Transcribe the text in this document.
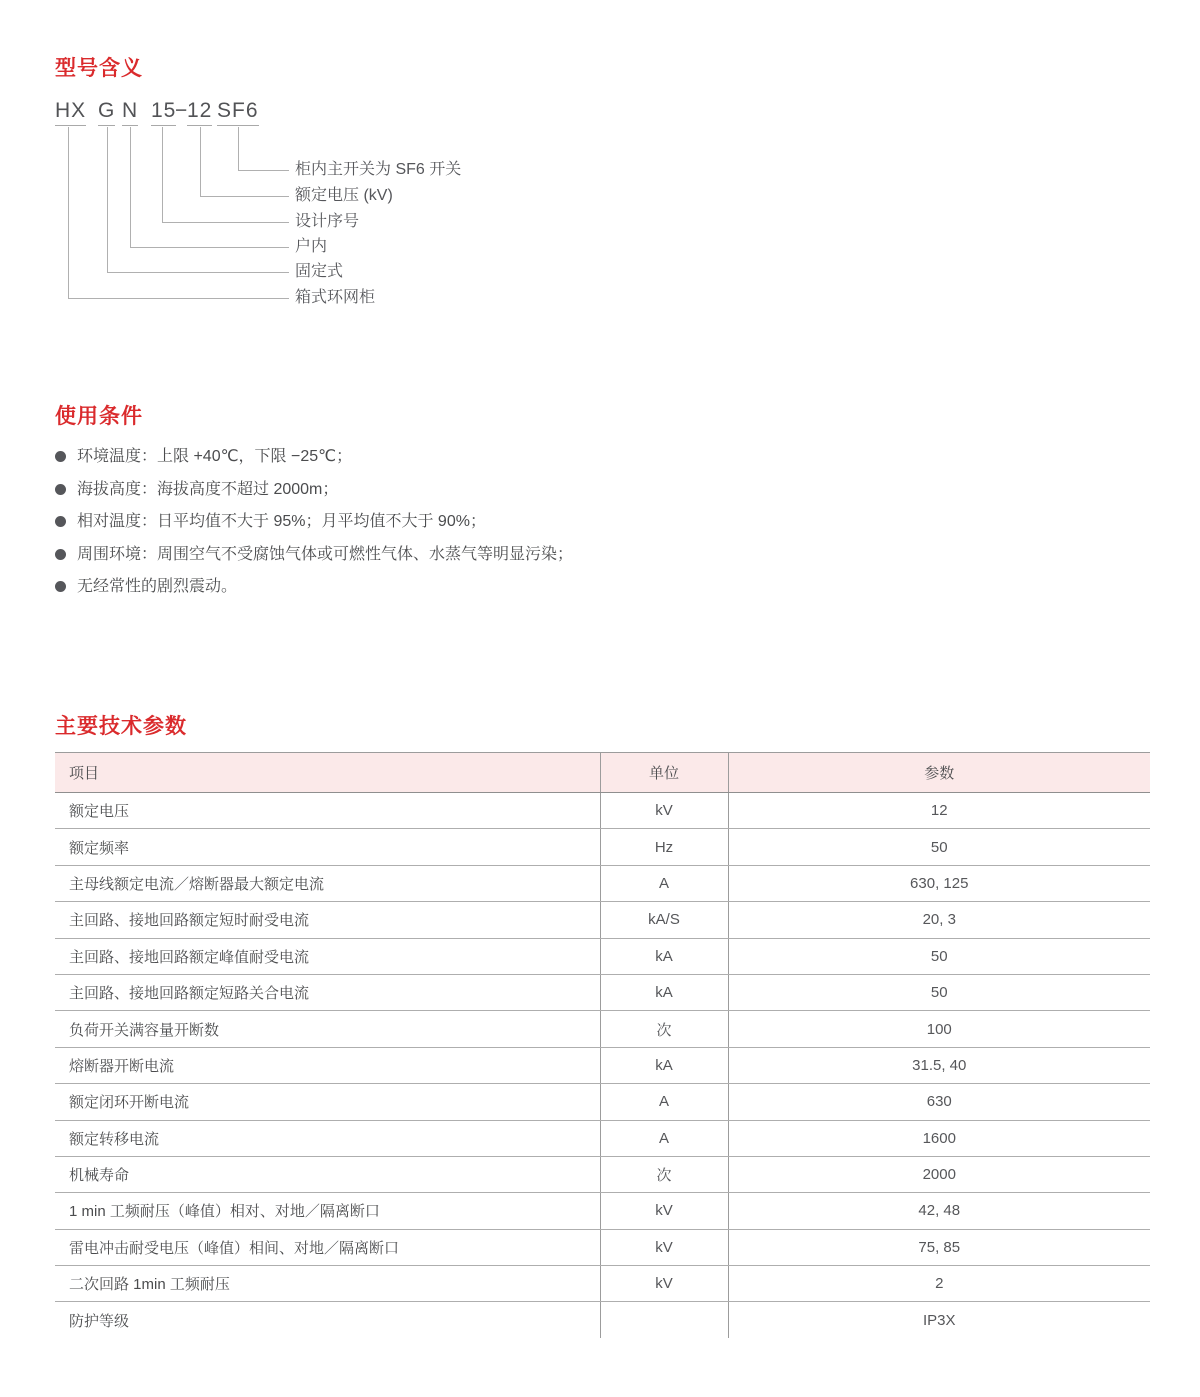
型号含义
HX G N 15
−
12 SF6
柜内主开关为 SF6 开关
额定电压 (kV)
设计序号
户内
固定式
箱式环网柜
使用条件
环境温度：上限 +40℃，下限 −25℃；
海拔高度：海拔高度不超过 2000m；
相对温度：日平均值不大于 95%；月平均值不大于 90%；
周围环境：周围空气不受腐蚀气体或可燃性气体、水蒸气等明显污染；
无经常性的剧烈震动。
主要技术参数
项目	单位	参数
额定电压	kV	12
额定频率	Hz	50
主母线额定电流／熔断器最大额定电流	A	630, 125
主回路、接地回路额定短时耐受电流	kA/S	20, 3
主回路、接地回路额定峰值耐受电流	kA	50
主回路、接地回路额定短路关合电流	kA	50
负荷开关满容量开断数	次	100
熔断器开断电流	kA	31.5, 40
额定闭环开断电流	A	630
额定转移电流	A	1600
机械寿命	次	2000
1 min 工频耐压（峰值）相对、对地／隔离断口	kV	42, 48
雷电冲击耐受电压（峰值）相间、对地／隔离断口	kV	75, 85
二次回路 1min 工频耐压	kV	2
防护等级		IP3X
